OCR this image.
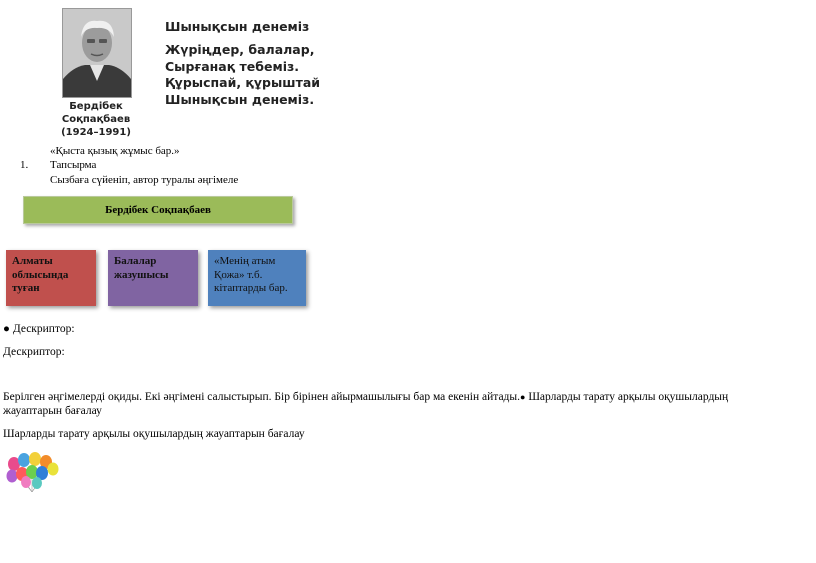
Бердібек
Соқпақбаев
(1924–1991)
Шынықсын денеміз
Жүріңдер, балалар,
Сырғанақ тебеміз.
Құрыспай, құрыштай
Шынықсын денеміз.
«Қыста қызық жұмыс бар.»
1. Тапсырма
Сызбаға сүйеніп, автор туралы әңгімеле
Бердібек Соқпақбаев
Алматы облысында туған
Балалар жазушысы
«Менің атым Қожа» т.б. кітаптарды бар.
● Дескриптор:
Дескриптор:
Берілген әңгімелерді оқиды. Екі әңгімені салыстырып. Бір бірінен айырмашылығы бар ма екенін айтады.● Шарларды тарату арқылы оқушылардың
жауаптарын бағалау
Шарларды тарату арқылы оқушылардың жауаптарын бағалау
